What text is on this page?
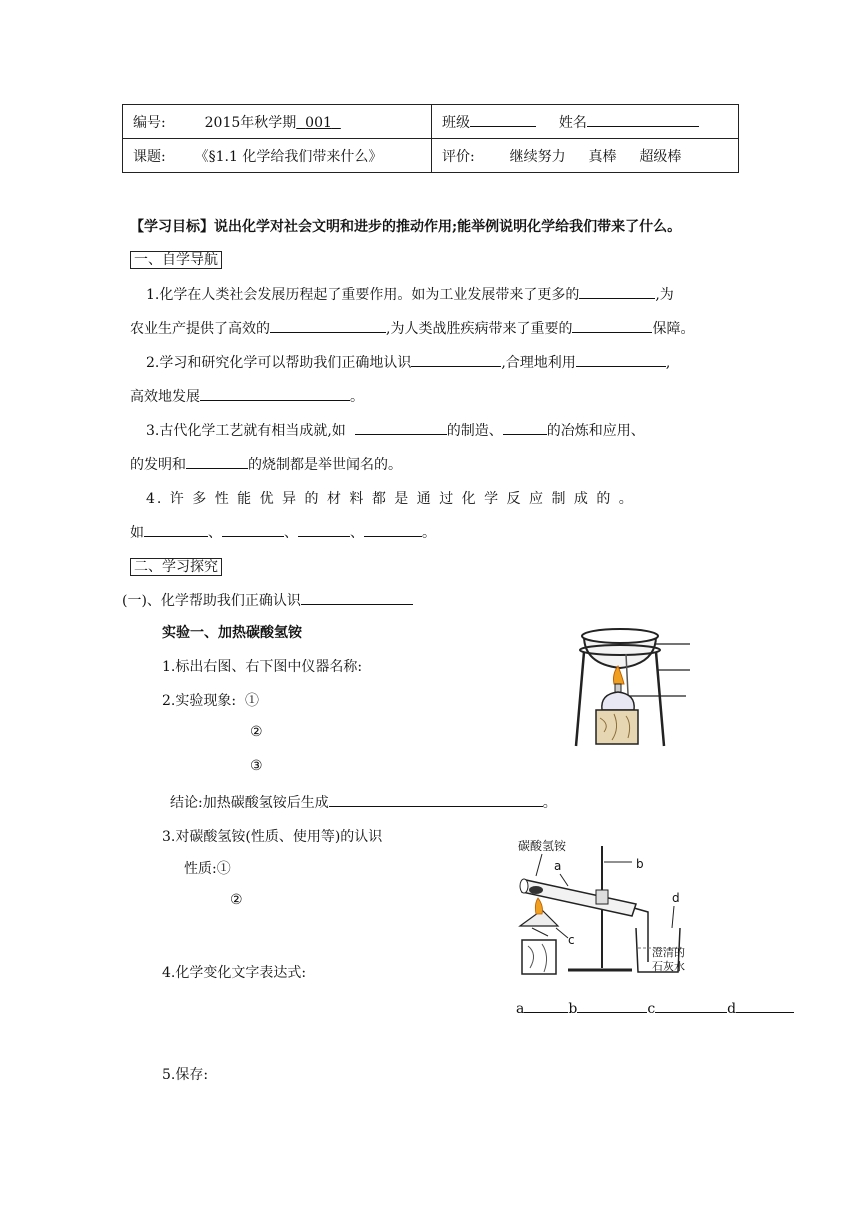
编号: 2015年秋学期 001	班级 姓名
课题: 《§1.1 化学给我们带来什么》	评价: 继续努力 真棒 超级棒
【学习目标】说出化学对社会文明和进步的推动作用;能举例说明化学给我们带来了什么。
一、自学导航
1.化学在人类社会发展历程起了重要作用。如为工业发展带来了更多的	,为
农业生产提供了高效的	,为人类战胜疾病带来了重要的	保障。
2.学习和研究化学可以帮助我们正确地认识	,合理地利用	,
高效地发展	。
3.古代化学工艺就有相当成就,如	的制造、	的冶炼和应用、
的发明和	的烧制都是举世闻名的。
4. 许 多 性 能 优 异 的 材 料 都 是 通 过 化 学 反 应 制 成 的 。
如	、	、	、	。
二、学习探究
(一)、化学帮助我们正确认识
实验一、加热碳酸氢铵
1.标出右图、右下图中仪器名称:
2.实验现象: ①
②
③
结论:加热碳酸氢铵后生成	。
3.对碳酸氢铵(性质、使用等)的认识
性质:①
②
4.化学变化文字表达式:
a	b	c	d
5.保存:
碳酸氢铵
a	b
c
d
澄清的
石灰水
